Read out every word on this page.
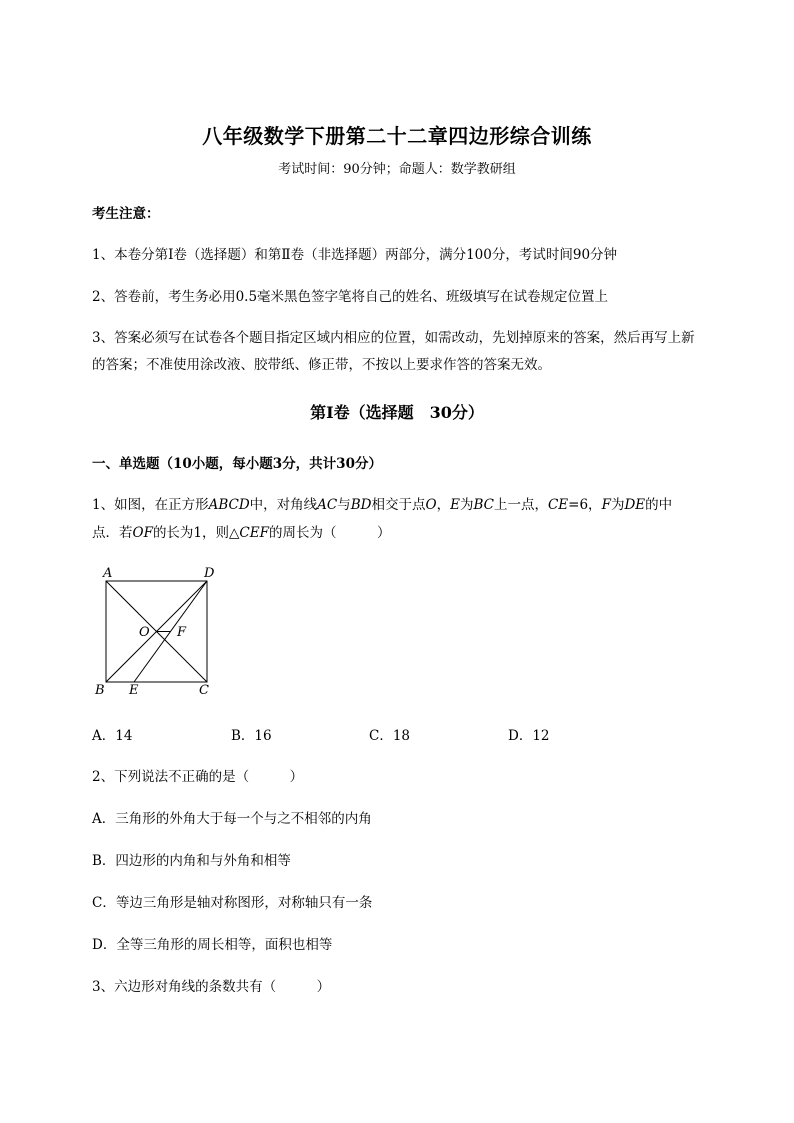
八年级数学下册第二十二章四边形综合训练
考试时间：90分钟；命题人：数学教研组
考生注意：
1、本卷分第I卷（选择题）和第Ⅱ卷（非选择题）两部分，满分100分，考试时间90分钟
2、答卷前，考生务必用0.5毫米黑色签字笔将自己的姓名、班级填写在试卷规定位置上
3、答案必须写在试卷各个题目指定区域内相应的位置，如需改动，先划掉原来的答案，然后再写上新
的答案；不准使用涂改液、胶带纸、修正带，不按以上要求作答的答案无效。
第I卷（选择题　30分）
一、单选题（10小题，每小题3分，共计30分）
1、如图，在正方形ABCD中，对角线AC与BD相交于点O，E为BC上一点，CE=6，F为DE的中
点．若OF的长为1，则△CEF的周长为（　　　）
A	D
B E	C
O F
A．14	B．16	C．18	D．12
2、下列说法不正确的是（　　　）
A．三角形的外角大于每一个与之不相邻的内角
B．四边形的内角和与外角和相等
C．等边三角形是轴对称图形，对称轴只有一条
D．全等三角形的周长相等，面积也相等
3、六边形对角线的条数共有（　　　）
